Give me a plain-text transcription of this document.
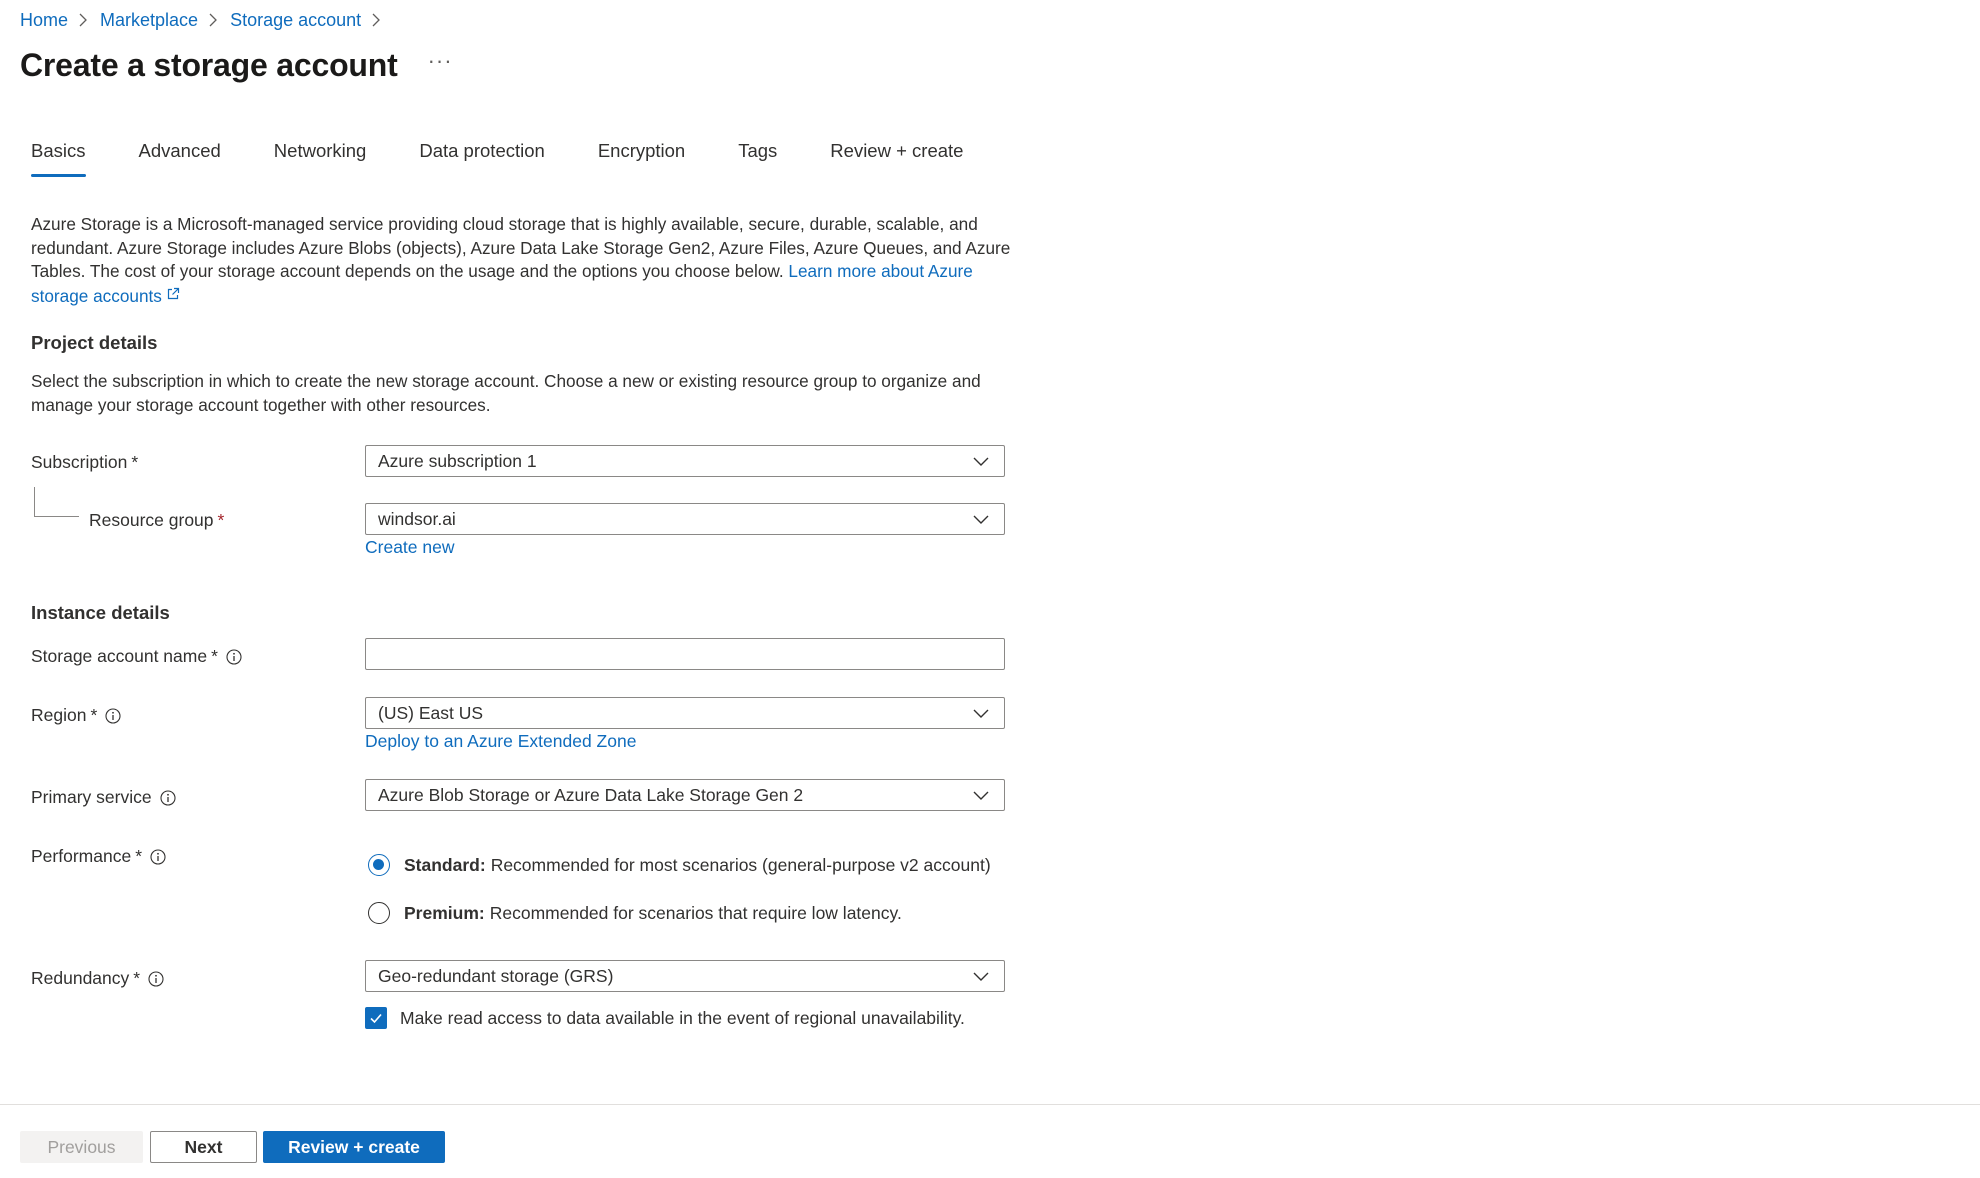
Home Marketplace Storage account
Create a storage account ···
Basics	Advanced	Networking	Data protection	Encryption	Tags	Review + create
Azure Storage is a Microsoft-managed service providing cloud storage that is highly available, secure, durable, scalable, and redundant. Azure Storage includes Azure Blobs (objects), Azure Data Lake Storage Gen2, Azure Files, Azure Queues, and Azure Tables. The cost of your storage account depends on the usage and the options you choose below. Learn more about Azure storage accounts
Project details
Select the subscription in which to create the new storage account. Choose a new or existing resource group to organize and manage your storage account together with other resources.
Subscription *	Azure subscription 1
Resource group *	windsor.ai
Create new
Instance details
Storage account name *
Region *	(US) East US
Deploy to an Azure Extended Zone
Primary service	Azure Blob Storage or Azure Data Lake Storage Gen 2
Performance *	Standard: Recommended for most scenarios (general-purpose v2 account)
Premium: Recommended for scenarios that require low latency.
Redundancy *	Geo-redundant storage (GRS)
Make read access to data available in the event of regional unavailability.
Previous	Next	Review + create
